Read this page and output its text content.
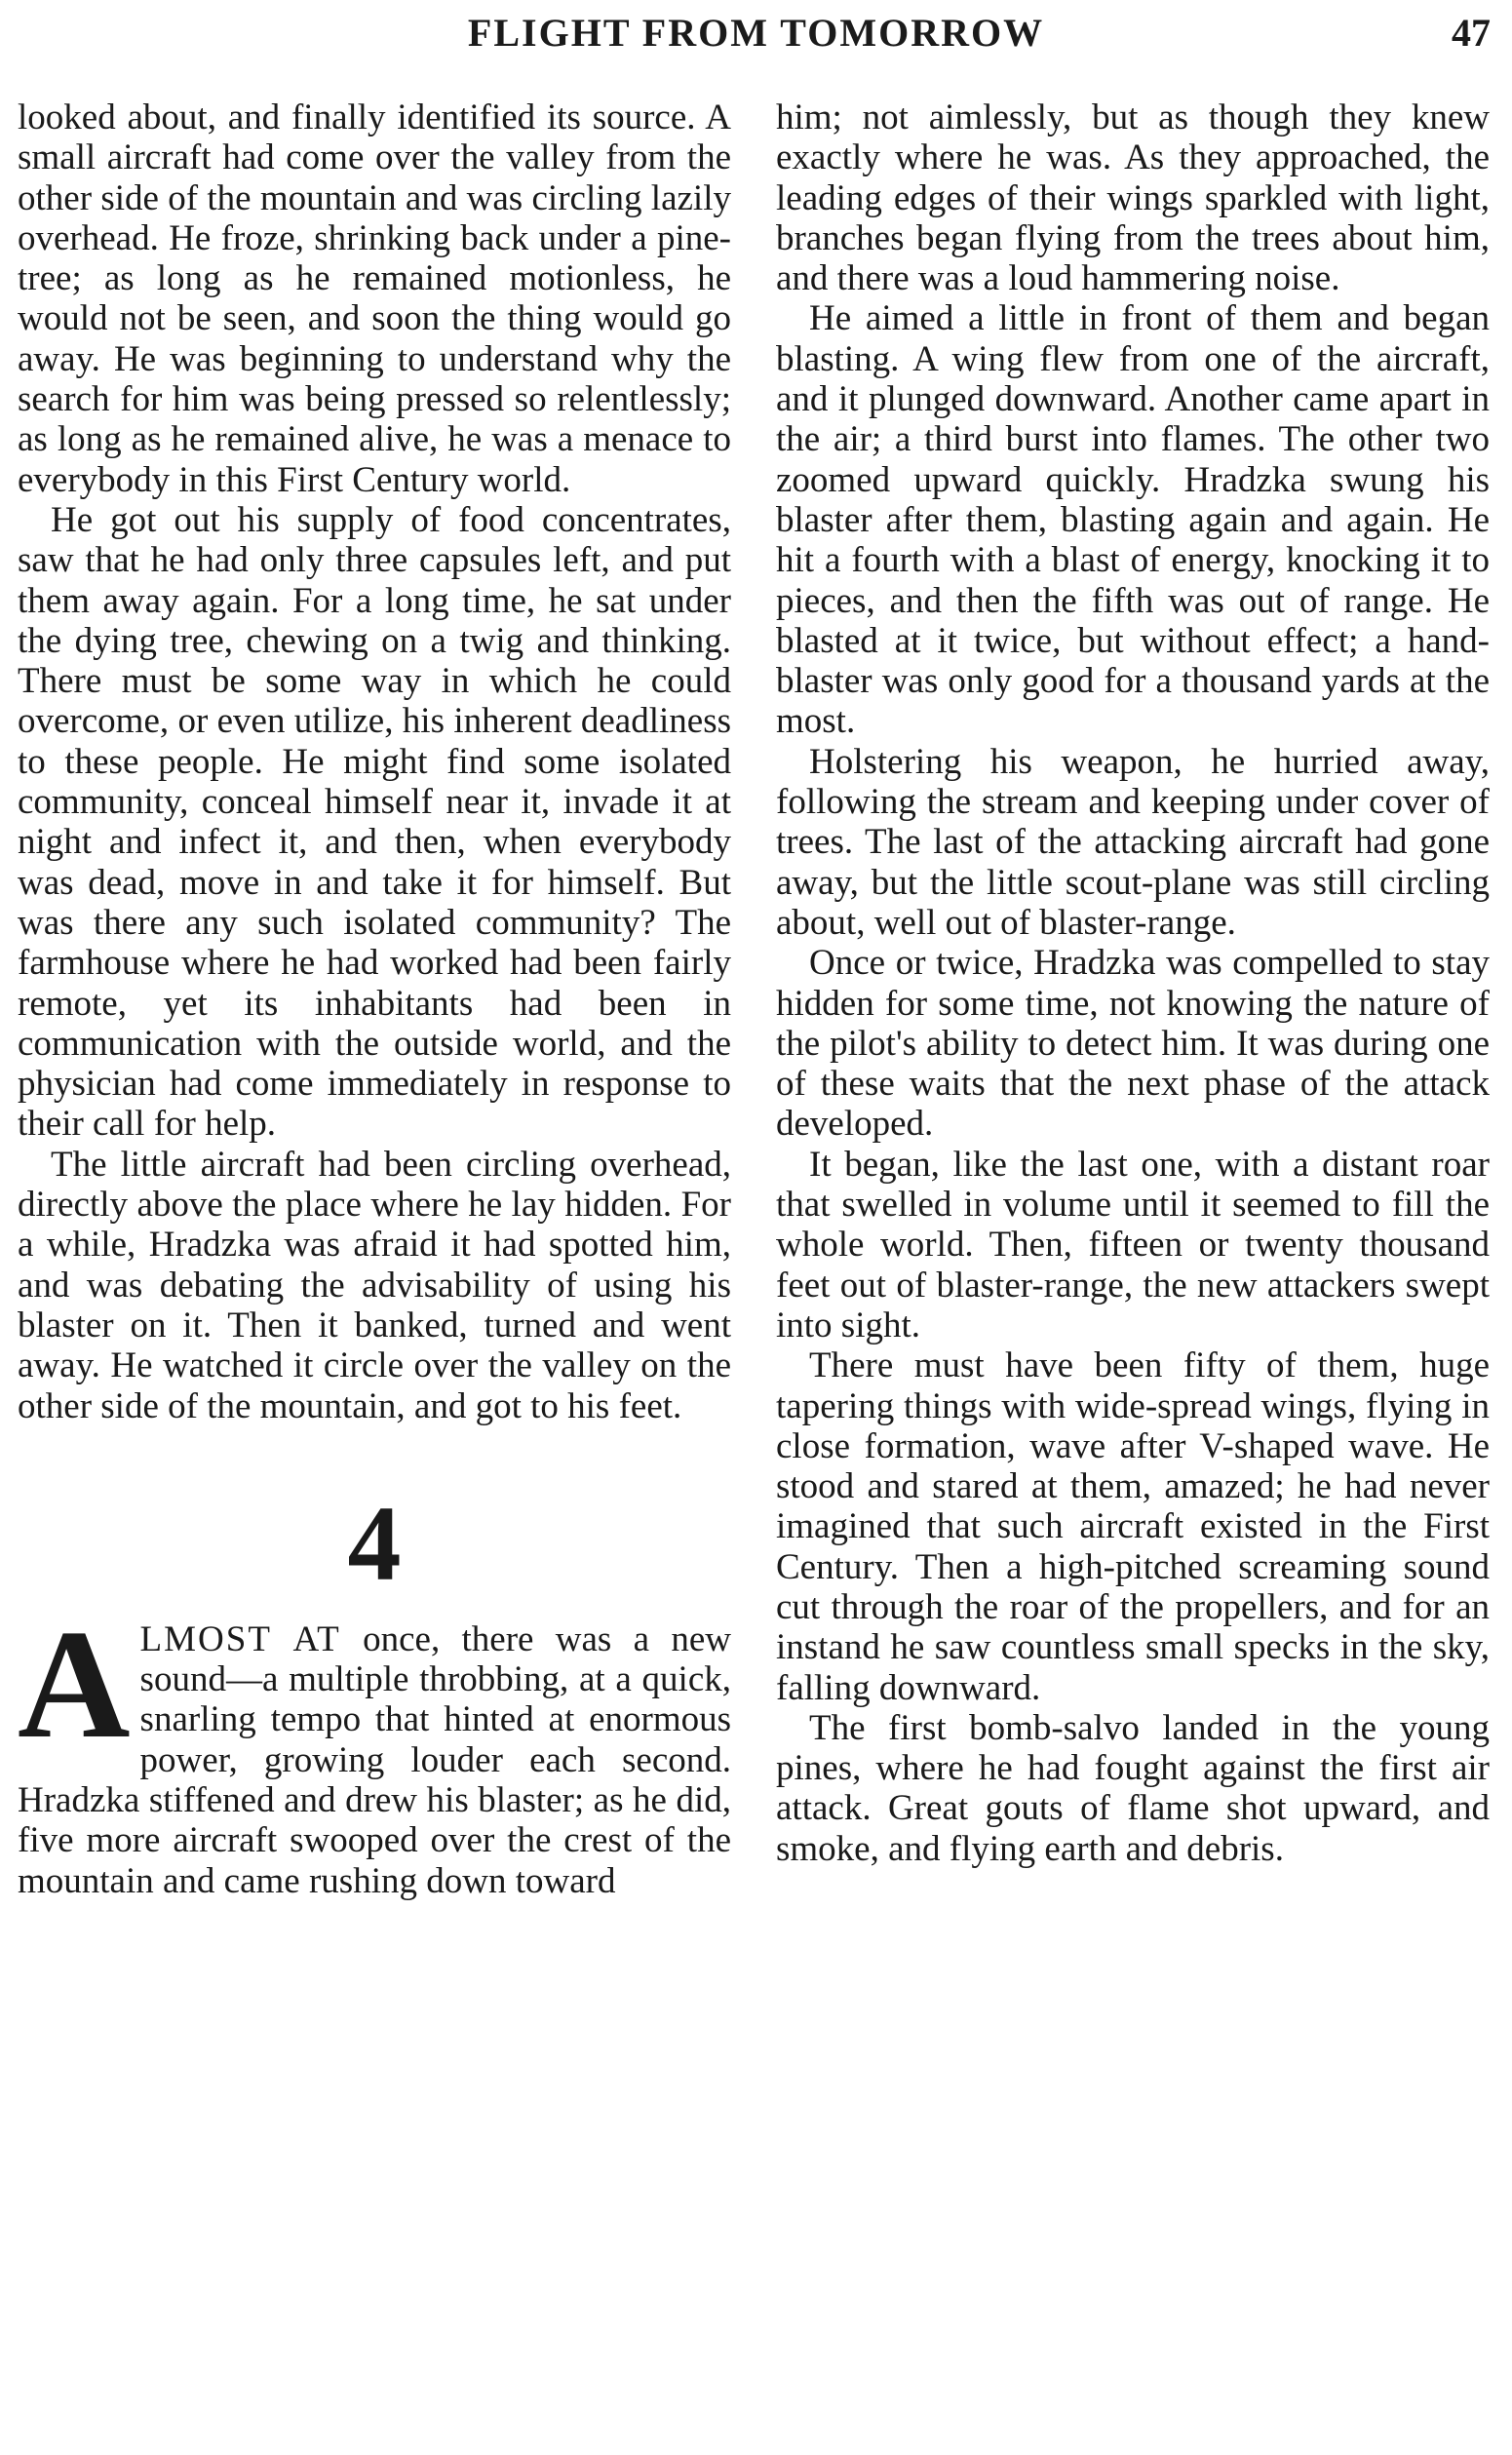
FLIGHT FROM TOMORROW	47

looked about, and finally identified its source. A small aircraft had come over the valley from the other side of the mountain and was circling lazily overhead. He froze, shrinking back under a pine-tree; as long as he remained motionless, he would not be seen, and soon the thing would go away. He was beginning to understand why the search for him was being pressed so relentlessly; as long as he remained alive, he was a menace to everybody in this First Century world.

He got out his supply of food concentrates, saw that he had only three capsules left, and put them away again. For a long time, he sat under the dying tree, chewing on a twig and thinking. There must be some way in which he could overcome, or even utilize, his inherent deadliness to these people. He might find some isolated community, conceal himself near it, invade it at night and infect it, and then, when everybody was dead, move in and take it for himself. But was there any such isolated community? The farmhouse where he had worked had been fairly remote, yet its inhabitants had been in communication with the outside world, and the physician had come immediately in response to their call for help.

The little aircraft had been circling overhead, directly above the place where he lay hidden. For a while, Hradzka was afraid it had spotted him, and was debating the advisability of using his blaster on it. Then it banked, turned and went away. He watched it circle over the valley on the other side of the mountain, and got to his feet.

4

ALMOST AT once, there was a new sound—a multiple throbbing, at a quick, snarling tempo that hinted at enormous power, growing louder each second. Hradzka stiffened and drew his blaster; as he did, five more aircraft swooped over the crest of the mountain and came rushing down toward

him; not aimlessly, but as though they knew exactly where he was. As they approached, the leading edges of their wings sparkled with light, branches began flying from the trees about him, and there was a loud hammering noise.

He aimed a little in front of them and began blasting. A wing flew from one of the aircraft, and it plunged downward. Another came apart in the air; a third burst into flames. The other two zoomed upward quickly. Hradzka swung his blaster after them, blasting again and again. He hit a fourth with a blast of energy, knocking it to pieces, and then the fifth was out of range. He blasted at it twice, but without effect; a hand-blaster was only good for a thousand yards at the most.

Holstering his weapon, he hurried away, following the stream and keeping under cover of trees. The last of the attacking aircraft had gone away, but the little scout-plane was still circling about, well out of blaster-range.

Once or twice, Hradzka was compelled to stay hidden for some time, not knowing the nature of the pilot's ability to detect him. It was during one of these waits that the next phase of the attack developed.

It began, like the last one, with a distant roar that swelled in volume until it seemed to fill the whole world. Then, fifteen or twenty thousand feet out of blaster-range, the new attackers swept into sight.

There must have been fifty of them, huge tapering things with wide-spread wings, flying in close formation, wave after V-shaped wave. He stood and stared at them, amazed; he had never imagined that such aircraft existed in the First Century. Then a high-pitched screaming sound cut through the roar of the propellers, and for an instand he saw countless small specks in the sky, falling downward.

The first bomb-salvo landed in the young pines, where he had fought against the first air attack. Great gouts of flame shot upward, and smoke, and flying earth and debris.
